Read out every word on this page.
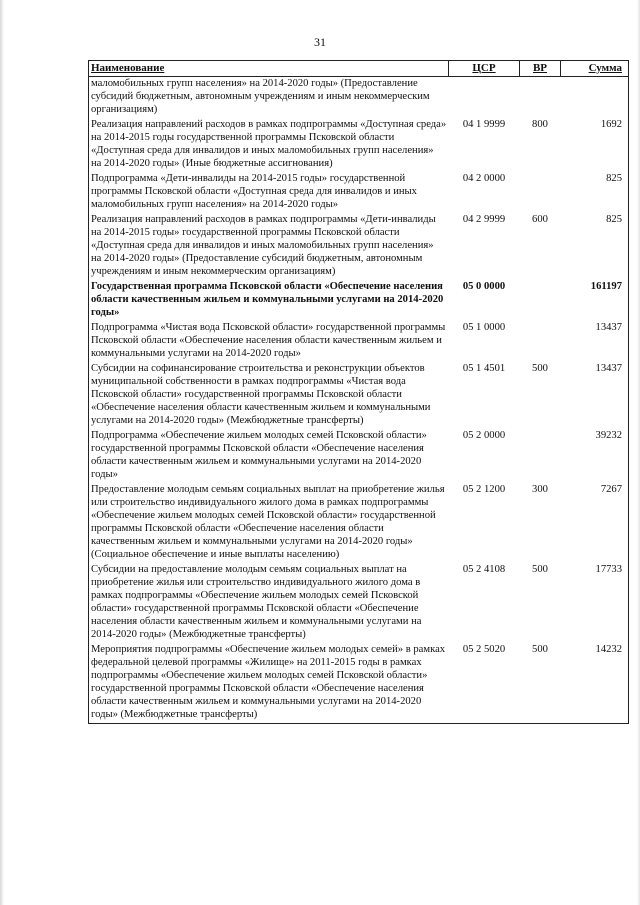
31
Наименование	ЦСР	ВР	Сумма
маломобильных групп населения» на 2014-2020 годы» (Предоставление субсидий бюджетным, автономным учреждениям и иным некоммерческим организациям)			
Реализация направлений расходов в рамках подпрограммы «Доступная среда» на 2014-2015 годы государственной программы Псковской области «Доступная среда для инвалидов и иных маломобильных групп населения» на 2014-2020 годы» (Иные бюджетные ассигнования)	04 1 9999	800	1692
Подпрограмма «Дети-инвалиды на 2014-2015 годы» государственной программы Псковской области «Доступная среда для инвалидов и иных маломобильных групп населения» на 2014-2020 годы»	04 2 0000		825
Реализация направлений расходов в рамках подпрограммы «Дети-инвалиды на 2014-2015 годы» государственной программы Псковской области «Доступная среда для инвалидов и иных маломобильных групп населения» на 2014-2020 годы» (Предоставление субсидий бюджетным, автономным учреждениям и иным некоммерческим организациям)	04 2 9999	600	825
Государственная программа Псковской области «Обеспечение населения области качественным жильем и коммунальными услугами на 2014-2020 годы»	05 0 0000		161197
Подпрограмма «Чистая вода Псковской области» государственной программы Псковской области «Обеспечение населения области качественным жильем и коммунальными услугами на 2014-2020 годы»	05 1 0000		13437
Субсидии на софинансирование строительства и реконструкции объектов муниципальной собственности в рамках подпрограммы «Чистая вода Псковской области» государственной программы Псковской области «Обеспечение населения области качественным жильем и коммунальными услугами на 2014-2020 годы» (Межбюджетные трансферты)	05 1 4501	500	13437
Подпрограмма «Обеспечение жильем молодых семей Псковской области» государственной программы Псковской области «Обеспечение населения области качественным жильем и коммунальными услугами на 2014-2020 годы»	05 2 0000		39232
Предоставление молодым семьям социальных выплат на приобретение жилья или строительство индивидуального жилого дома в рамках подпрограммы «Обеспечение жильем молодых семей Псковской области» государственной программы Псковской области «Обеспечение населения области качественным жильем и коммунальными услугами на 2014-2020 годы» (Социальное обеспечение и иные выплаты населению)	05 2 1200	300	7267
Субсидии на предоставление молодым семьям социальных выплат на приобретение жилья или строительство индивидуального жилого дома в рамках подпрограммы «Обеспечение жильем молодых семей Псковской области» государственной программы Псковской области «Обеспечение населения области качественным жильем и коммунальными услугами на 2014-2020 годы» (Межбюджетные трансферты)	05 2 4108	500	17733
Мероприятия подпрограммы «Обеспечение жильем молодых семей» в рамках федеральной целевой программы «Жилище» на 2011-2015 годы в рамках подпрограммы «Обеспечение жильем молодых семей Псковской области» государственной программы Псковской области «Обеспечение населения области качественным жильем и коммунальными услугами на 2014-2020 годы» (Межбюджетные трансферты)	05 2 5020	500	14232
